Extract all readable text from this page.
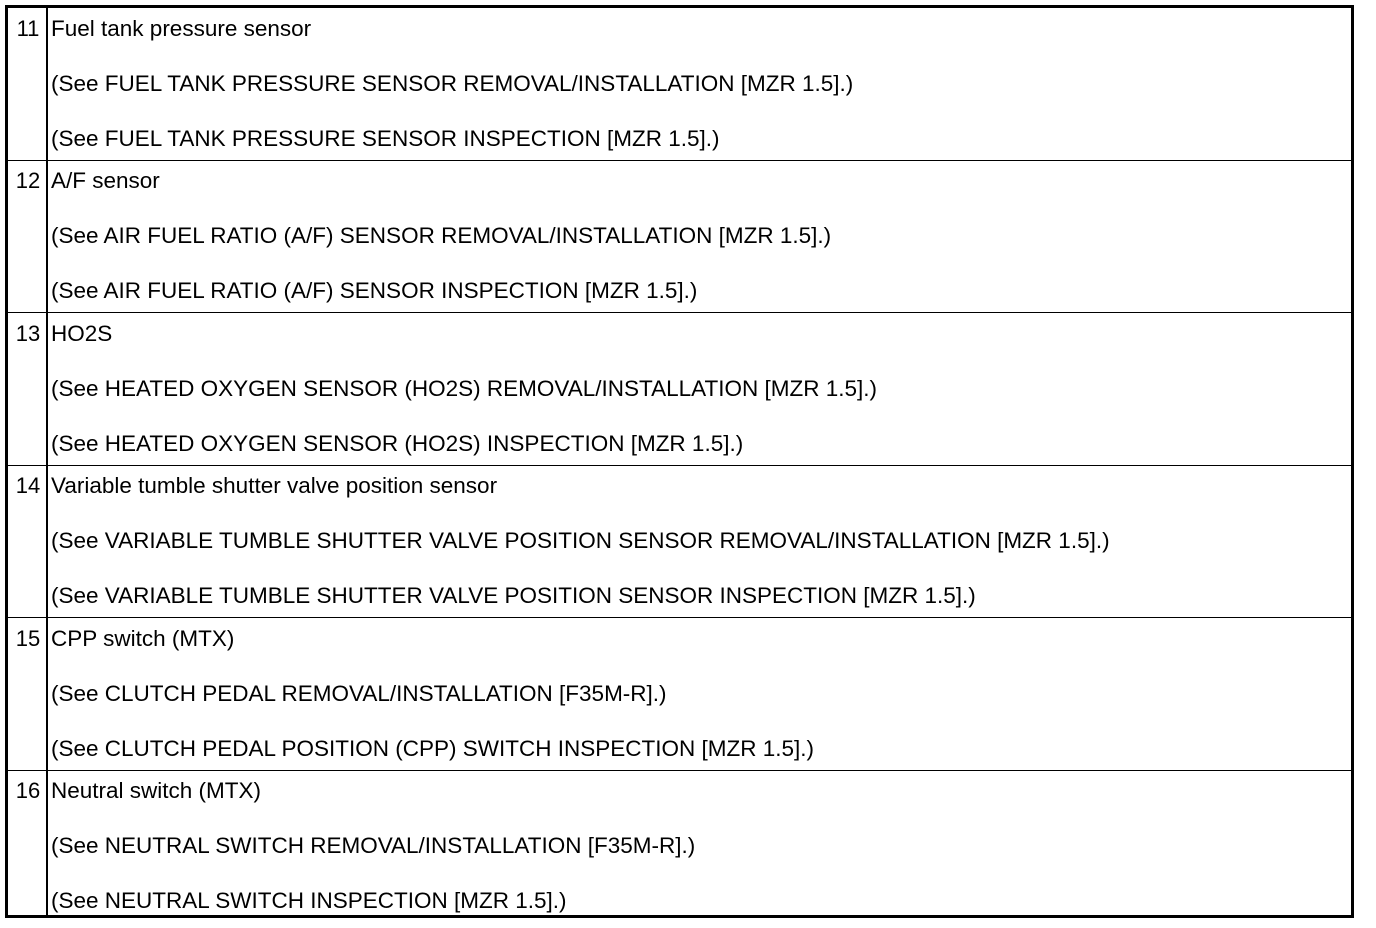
11 Fuel tank pressure sensor
(See FUEL TANK PRESSURE SENSOR REMOVAL/INSTALLATION [MZR 1.5].)
(See FUEL TANK PRESSURE SENSOR INSPECTION [MZR 1.5].)
12 A/F sensor
(See AIR FUEL RATIO (A/F) SENSOR REMOVAL/INSTALLATION [MZR 1.5].)
(See AIR FUEL RATIO (A/F) SENSOR INSPECTION [MZR 1.5].)
13 HO2S
(See HEATED OXYGEN SENSOR (HO2S) REMOVAL/INSTALLATION [MZR 1.5].)
(See HEATED OXYGEN SENSOR (HO2S) INSPECTION [MZR 1.5].)
14 Variable tumble shutter valve position sensor
(See VARIABLE TUMBLE SHUTTER VALVE POSITION SENSOR REMOVAL/INSTALLATION [MZR 1.5].)
(See VARIABLE TUMBLE SHUTTER VALVE POSITION SENSOR INSPECTION [MZR 1.5].)
15 CPP switch (MTX)
(See CLUTCH PEDAL REMOVAL/INSTALLATION [F35M-R].)
(See CLUTCH PEDAL POSITION (CPP) SWITCH INSPECTION [MZR 1.5].)
16 Neutral switch (MTX)
(See NEUTRAL SWITCH REMOVAL/INSTALLATION [F35M-R].)
(See NEUTRAL SWITCH INSPECTION [MZR 1.5].)
